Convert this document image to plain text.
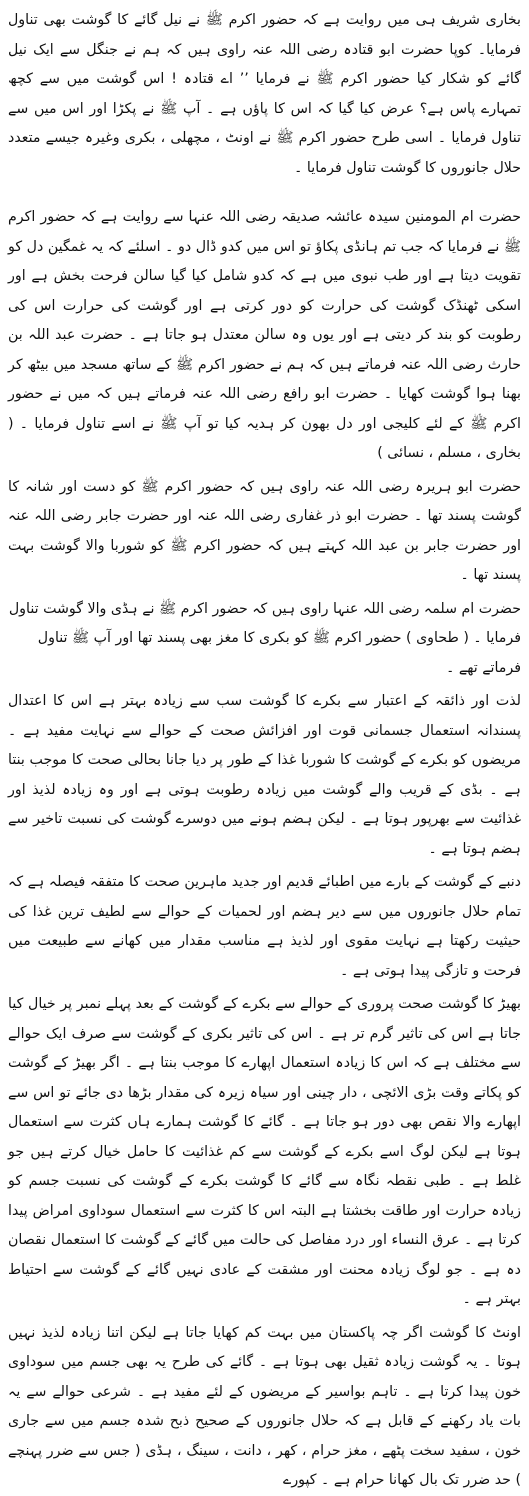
بخاری شریف ہی میں روایت ہے کہ حضور اکرم ﷺ نے نیل گائے کا گوشت بھی تناول فرمایا۔ کوپا حضرت ابو قتادہ رضی اللہ عنہ راوی ہیں کہ ہم نے جنگل سے ایک نیل گائے کو شکار کیا حضور اکرم ﷺ نے فرمایا ’’ اے قتادہ ! اس گوشت میں سے کچھ تمہارے پاس ہے؟ عرض کیا گیا کہ اس کا پاؤں ہے ۔ آپ ﷺ نے پکڑا اور اس میں سے تناول فرمایا ۔ اسی طرح حضور اکرم ﷺ نے اونٹ ، مچھلی ، بکری وغیرہ جیسے متعدد حلال جانوروں کا گوشت تناول فرمایا ۔

حضرت ام المومنین سیدہ عائشہ صدیقہ رضی اللہ عنہا سے روایت ہے کہ حضور اکرم ﷺ نے فرمایا کہ جب تم ہانڈی پکاؤ تو اس میں کدو ڈال دو ۔ اسلئے کہ یہ غمگین دل کو تقویت دیتا ہے اور طب نبوی میں ہے کہ کدو شامل کیا گیا سالن فرحت بخش ہے اور اسکی ٹھنڈک گوشت کی حرارت کو دور کرتی ہے اور گوشت کی حرارت اس کی رطوبت کو بند کر دیتی ہے اور یوں وہ سالن معتدل ہو جاتا ہے ۔ حضرت عبد اللہ بن حارث رضی اللہ عنہ فرماتے ہیں کہ ہم نے حضور اکرم ﷺ کے ساتھ مسجد میں بیٹھ کر بھنا ہوا گوشت کھایا ۔ حضرت ابو رافع رضی اللہ عنہ فرماتے ہیں کہ میں نے حضور اکرم ﷺ کے لئے کلیجی اور دل بھون کر ہدیہ کیا تو آپ ﷺ نے اسے تناول فرمایا ۔ ( بخاری ، مسلم ، نسائی )

حضرت ابو ہریرہ رضی اللہ عنہ راوی ہیں کہ حضور اکرم ﷺ کو دست اور شانہ کا گوشت پسند تھا ۔ حضرت ابو ذر غفاری رضی اللہ عنہ اور حضرت جابر رضی اللہ عنہ اور حضرت جابر بن عبد اللہ کہتے ہیں کہ حضور اکرم ﷺ کو شوربا والا گوشت بہت پسند تھا ۔

حضرت ام سلمہ رضی اللہ عنہا راوی ہیں کہ حضور اکرم ﷺ نے ہڈی والا گوشت تناول فرمایا ۔ ( طحاوی ) حضور اکرم ﷺ کو بکری کا مغز بھی پسند تھا اور آپ ﷺ تناول فرماتے تھے ۔

لذت اور ذائقہ کے اعتبار سے بکرے کا گوشت سب سے زیادہ بہتر ہے اس کا اعتدال پسندانہ استعمال جسمانی قوت اور افزائش صحت کے حوالے سے نہایت مفید ہے ۔ مریضوں کو بکرے کے گوشت کا شوربا غذا کے طور پر دیا جانا بحالی صحت کا موجب بنتا ہے ۔ بڈی کے قریب والے گوشت میں زیادہ رطوبت ہوتی ہے اور وہ زیادہ لذیذ اور غذائیت سے بھرپور ہوتا ہے ۔ لیکن ہضم ہونے میں دوسرے گوشت کی نسبت تاخیر سے ہضم ہوتا ہے ۔

دنبے کے گوشت کے بارے میں اطبائے قدیم اور جدید ماہرین صحت کا متفقہ فیصلہ ہے کہ تمام حلال جانوروں میں سے دیر ہضم اور لحمیات کے حوالے سے لطیف ترین غذا کی حیثیت رکھتا ہے نہایت مقوی اور لذیذ ہے مناسب مقدار میں کھانے سے طبیعت میں فرحت و تازگی پیدا ہوتی ہے ۔

بھیڑ کا گوشت صحت پروری کے حوالے سے بکرے کے گوشت کے بعد پہلے نمبر پر خیال کیا جاتا ہے اس کی تاثیر گرم تر ہے ۔ اس کی تاثیر بکری کے گوشت سے صرف ایک حوالے سے مختلف ہے کہ اس کا زیادہ استعمال اپھارے کا موجب بنتا ہے ۔ اگر بھیڑ کے گوشت کو پکاتے وقت بڑی الائچی ، دار چینی اور سیاہ زیرہ کی مقدار بڑھا دی جائے تو اس سے اپھارے والا نقص بھی دور ہو جاتا ہے ۔ گائے کا گوشت ہمارے ہاں کثرت سے استعمال ہوتا ہے لیکن لوگ اسے بکرے کے گوشت سے کم غذائیت کا حامل خیال کرتے ہیں جو غلط ہے ۔ طبی نقطہ نگاہ سے گائے کا گوشت بکرے کے گوشت کی نسبت جسم کو زیادہ حرارت اور طاقت بخشتا ہے البتہ اس کا کثرت سے استعمال سوداوی امراض پیدا کرتا ہے ۔ عرق النساء اور درد مفاصل کی حالت میں گائے کے گوشت کا استعمال نقصان دہ ہے ۔ جو لوگ زیادہ محنت اور مشقت کے عادی نہیں گائے کے گوشت سے احتیاط بہتر ہے ۔

اونٹ کا گوشت اگر چہ پاکستان میں بہت کم کھایا جاتا ہے لیکن اتنا زیادہ لذیذ نہیں ہوتا ۔ یہ گوشت زیادہ ثقیل بھی ہوتا ہے ۔ گائے کی طرح یہ بھی جسم میں سوداوی خون پیدا کرتا ہے ۔ تاہم بواسیر کے مریضوں کے لئے مفید ہے ۔ شرعی حوالے سے یہ بات یاد رکھنے کے قابل ہے کہ حلال جانوروں کے صحیح ذبح شدہ جسم میں سے جاری خون ، سفید سخت پٹھے ، مغز حرام ، کھر ، دانت ، سینگ ، ہڈی ( جس سے ضرر پہنچے ) حد ضرر تک بال کھانا حرام ہے ۔ کپورے
